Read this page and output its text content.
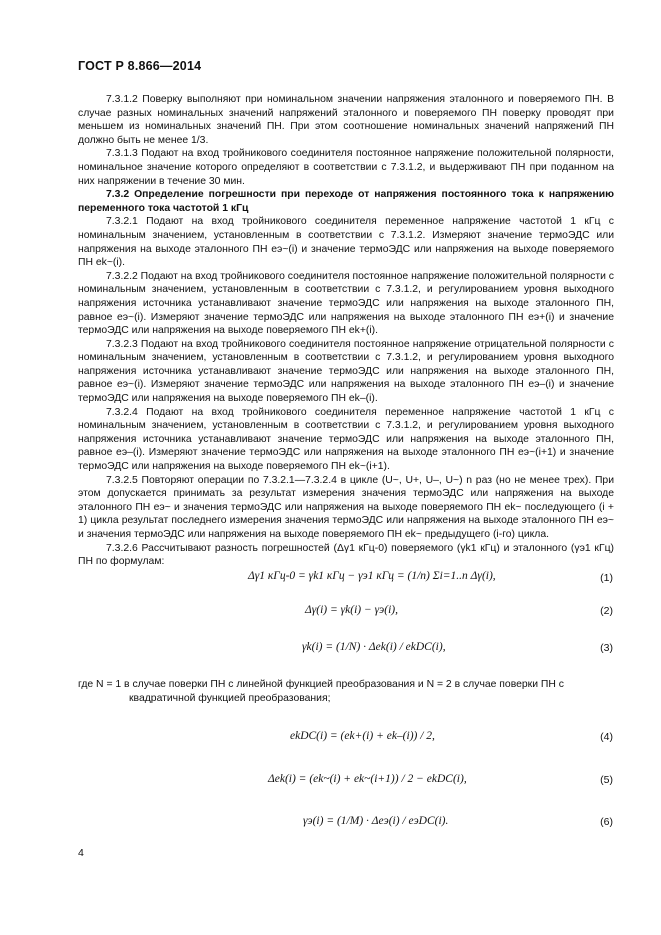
ГОСТ Р 8.866—2014

7.3.1.2 Поверку выполняют при номинальном значении напряжения эталонного и поверяемого ПН. В случае разных номинальных значений напряжений эталонного и поверяемого ПН поверку проводят при меньшем из номинальных значений ПН. При этом соотношение номинальных значений напряжений ПН должно быть не менее 1/3.

7.3.1.3 Подают на вход тройникового соединителя постоянное напряжение положительной полярности, номинальное значение которого определяют в соответствии с 7.3.1.2, и выдерживают ПН при поданном на них напряжении в течение 30 мин.

7.3.2 Определение погрешности при переходе от напряжения постоянного тока к напряжению переменного тока частотой 1 кГц

7.3.2.1 Подают на вход тройникового соединителя переменное напряжение частотой 1 кГц с номинальным значением, установленным в соответствии с 7.3.1.2. Измеряют значение термоЭДС или напряжения на выходе эталонного ПН eэ~(i) и значение термоЭДС или напряжения на выходе поверяемого ПН ek~(i).

7.3.2.2 Подают на вход тройникового соединителя постоянное напряжение положительной полярности с номинальным значением, установленным в соответствии с 7.3.1.2, и регулированием уровня выходного напряжения источника устанавливают значение термоЭДС или напряжения на выходе эталонного ПН, равное eэ~(i). Измеряют значение термоЭДС или напряжения на выходе эталонного ПН eэ+(i) и значение термоЭДС или напряжения на выходе поверяемого ПН ek+(i).

7.3.2.3 Подают на вход тройникового соединителя постоянное напряжение отрицательной полярности с номинальным значением, установленным в соответствии с 7.3.1.2, и регулированием уровня выходного напряжения источника устанавливают значение термоЭДС или напряжения на выходе эталонного ПН, равное eэ~(i). Измеряют значение термоЭДС или напряжения на выходе эталонного ПН eэ–(i) и значение термоЭДС или напряжения на выходе поверяемого ПН ek–(i).

7.3.2.4 Подают на вход тройникового соединителя переменное напряжение частотой 1 кГц с номинальным значением, установленным в соответствии с 7.3.1.2, и регулированием уровня выходного напряжения источника устанавливают значение термоЭДС или напряжения на выходе эталонного ПН, равное eэ–(i). Измеряют значение термоЭДС или напряжения на выходе эталонного ПН eэ~(i+1) и значение термоЭДС или напряжения на выходе поверяемого ПН ek~(i+1).

7.3.2.5 Повторяют операции по 7.3.2.1—7.3.2.4 в цикле (U~, U+, U–, U~) n раз (но не менее трех). При этом допускается принимать за результат измерения значения термоЭДС или напряжения на выходе эталонного ПН eэ~ и значения термоЭДС или напряжения на выходе поверяемого ПН ek~ последующего (i + 1) цикла результат последнего измерения значения термоЭДС или напряжения на выходе эталонного ПН eэ~ и значения термоЭДС или напряжения на выходе поверяемого ПН ek~ предыдущего (i-го) цикла.

7.3.2.6 Рассчитывают разность погрешностей (Δγ1 кГц-0) поверяемого (γk1 кГц) и эталонного (γэ1 кГц) ПН по формулам:

Δγ1 кГц-0 = γk1 кГц − γэ1 кГц = (1/n) Σi=1..n Δγ(i),	(1)
Δγ(i) = γk(i) − γэ(i),	(2)
γk(i) = (1/N) · Δek(i) / ekDC(i),	(3)
где N = 1 в случае поверки ПН с линейной функцией преобразования и N = 2 в случае поверки ПН с
квадратичной функцией преобразования;
ekDC(i) = (ek+(i) + ek–(i)) / 2,	(4)
Δek(i) = (ek~(i) + ek~(i+1)) / 2 − ekDC(i),	(5)
γэ(i) = (1/M) · Δeэ(i) / eэDC(i).	(6)
4
